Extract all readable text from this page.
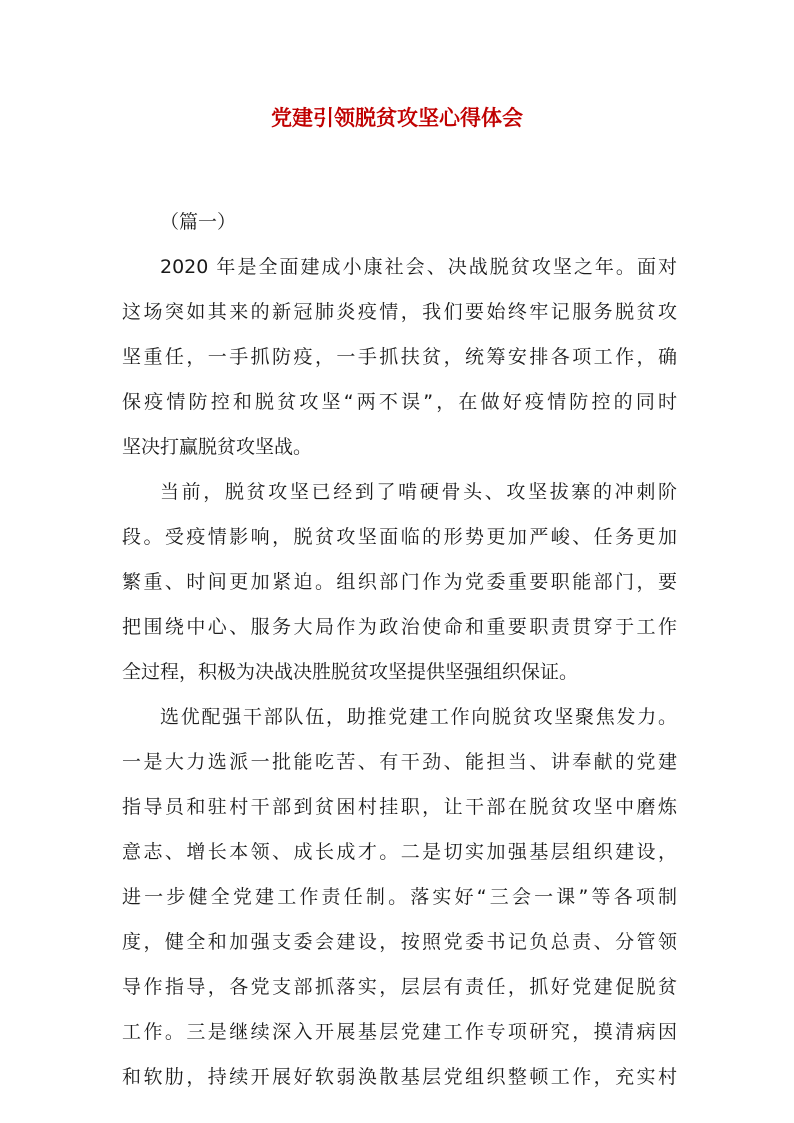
党建引领脱贫攻坚心得体会
（篇一）
2020 年是全面建成小康社会、决战脱贫攻坚之年。面对
这场突如其来的新冠肺炎疫情，我们要始终牢记服务脱贫攻
坚重任，一手抓防疫，一手抓扶贫，统筹安排各项工作，确
保疫情防控和脱贫攻坚“两不误”，在做好疫情防控的同时
坚决打赢脱贫攻坚战。
当前，脱贫攻坚已经到了啃硬骨头、攻坚拔寨的冲刺阶
段。受疫情影响，脱贫攻坚面临的形势更加严峻、任务更加
繁重、时间更加紧迫。组织部门作为党委重要职能部门，要
把围绕中心、服务大局作为政治使命和重要职责贯穿于工作
全过程，积极为决战决胜脱贫攻坚提供坚强组织保证。
选优配强干部队伍，助推党建工作向脱贫攻坚聚焦发力。
一是大力选派一批能吃苦、有干劲、能担当、讲奉献的党建
指导员和驻村干部到贫困村挂职，让干部在脱贫攻坚中磨炼
意志、增长本领、成长成才。二是切实加强基层组织建设，
进一步健全党建工作责任制。落实好“三会一课”等各项制
度，健全和加强支委会建设，按照党委书记负总责、分管领
导作指导，各党支部抓落实，层层有责任，抓好党建促脱贫
工作。三是继续深入开展基层党建工作专项研究，摸清病因
和软肋，持续开展好软弱涣散基层党组织整顿工作，充实村
